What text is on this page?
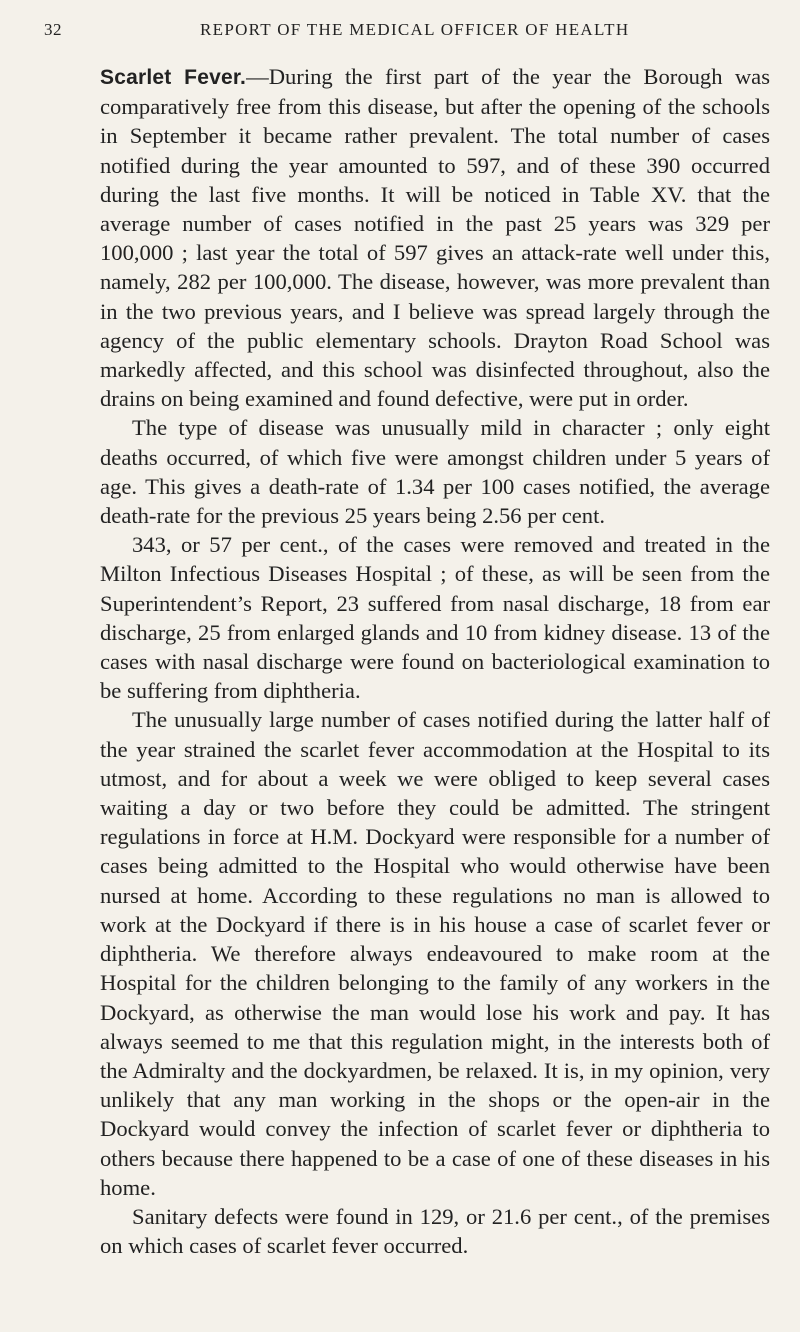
32	REPORT OF THE MEDICAL OFFICER OF HEALTH

Scarlet Fever.—During the first part of the year the Borough was comparatively free from this disease, but after the opening of the schools in September it became rather prevalent. The total number of cases notified during the year amounted to 597, and of these 390 occurred during the last five months. It will be noticed in Table XV. that the average number of cases notified in the past 25 years was 329 per 100,000 ; last year the total of 597 gives an attack-rate well under this, namely, 282 per 100,000. The disease, however, was more prevalent than in the two previous years, and I believe was spread largely through the agency of the public elementary schools. Drayton Road School was markedly affected, and this school was disinfected throughout, also the drains on being examined and found defective, were put in order.

The type of disease was unusually mild in character ; only eight deaths occurred, of which five were amongst children under 5 years of age. This gives a death-rate of 1.34 per 100 cases notified, the average death-rate for the previous 25 years being 2.56 per cent.

343, or 57 per cent., of the cases were removed and treated in the Milton Infectious Diseases Hospital ; of these, as will be seen from the Superintendent’s Report, 23 suffered from nasal discharge, 18 from ear discharge, 25 from enlarged glands and 10 from kidney disease. 13 of the cases with nasal discharge were found on bacteriological examination to be suffering from diphtheria.

The unusually large number of cases notified during the latter half of the year strained the scarlet fever accommodation at the Hospital to its utmost, and for about a week we were obliged to keep several cases waiting a day or two before they could be admitted. The stringent regulations in force at H.M. Dockyard were responsible for a number of cases being admitted to the Hospital who would otherwise have been nursed at home. According to these regulations no man is allowed to work at the Dockyard if there is in his house a case of scarlet fever or diphtheria. We therefore always endeavoured to make room at the Hospital for the children belonging to the family of any workers in the Dockyard, as otherwise the man would lose his work and pay. It has always seemed to me that this regulation might, in the interests both of the Admiralty and the dockyardmen, be relaxed. It is, in my opinion, very unlikely that any man working in the shops or the open-air in the Dockyard would convey the infection of scarlet fever or diphtheria to others because there happened to be a case of one of these diseases in his home.

Sanitary defects were found in 129, or 21.6 per cent., of the premises on which cases of scarlet fever occurred.
